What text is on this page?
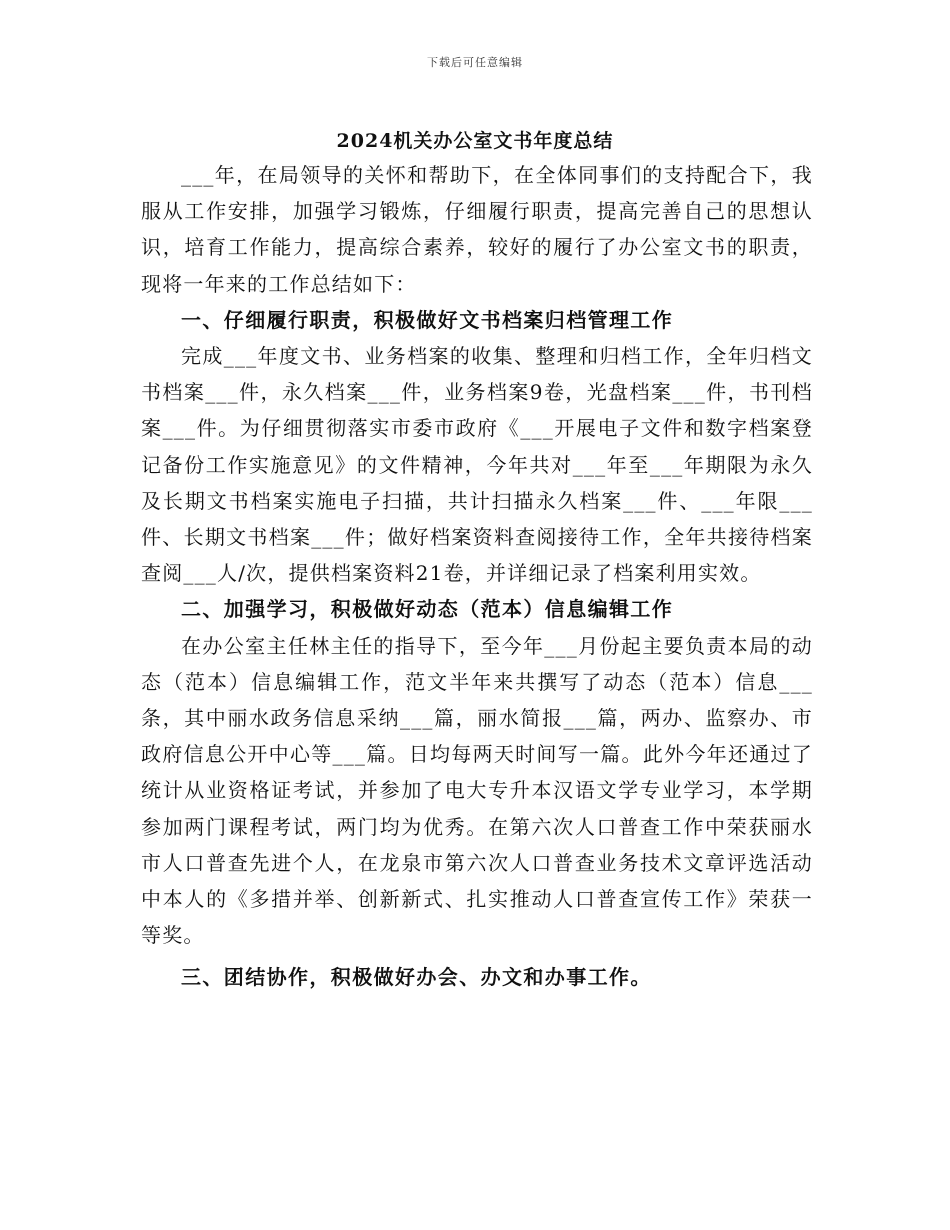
下载后可任意编辑
2024机关办公室文书年度总结

___年，在局领导的关怀和帮助下，在全体同事们的支持配合下，我服从工作安排，加强学习锻炼，仔细履行职责，提高完善自己的思想认识，培育工作能力，提高综合素养，较好的履行了办公室文书的职责，现将一年来的工作总结如下：

一、仔细履行职责，积极做好文书档案归档管理工作

完成___年度文书、业务档案的收集、整理和归档工作，全年归档文书档案___件，永久档案___件，业务档案9卷，光盘档案___件，书刊档案___件。为仔细贯彻落实市委市政府《___开展电子文件和数字档案登记备份工作实施意见》的文件精神，今年共对___年至___年期限为永久及长期文书档案实施电子扫描，共计扫描永久档案___件、___年限___件、长期文书档案___件；做好档案资料查阅接待工作，全年共接待档案查阅___人/次，提供档案资料21卷，并详细记录了档案利用实效。

二、加强学习，积极做好动态（范本）信息编辑工作

在办公室主任林主任的指导下，至今年___月份起主要负责本局的动态（范本）信息编辑工作，范文半年来共撰写了动态（范本）信息___条，其中丽水政务信息采纳___篇，丽水简报___篇，两办、监察办、市政府信息公开中心等___篇。日均每两天时间写一篇。此外今年还通过了统计从业资格证考试，并参加了电大专升本汉语文学专业学习，本学期参加两门课程考试，两门均为优秀。在第六次人口普查工作中荣获丽水市人口普查先进个人，在龙泉市第六次人口普查业务技术文章评选活动中本人的《多措并举、创新新式、扎实推动人口普查宣传工作》荣获一等奖。

三、团结协作，积极做好办会、办文和办事工作。
